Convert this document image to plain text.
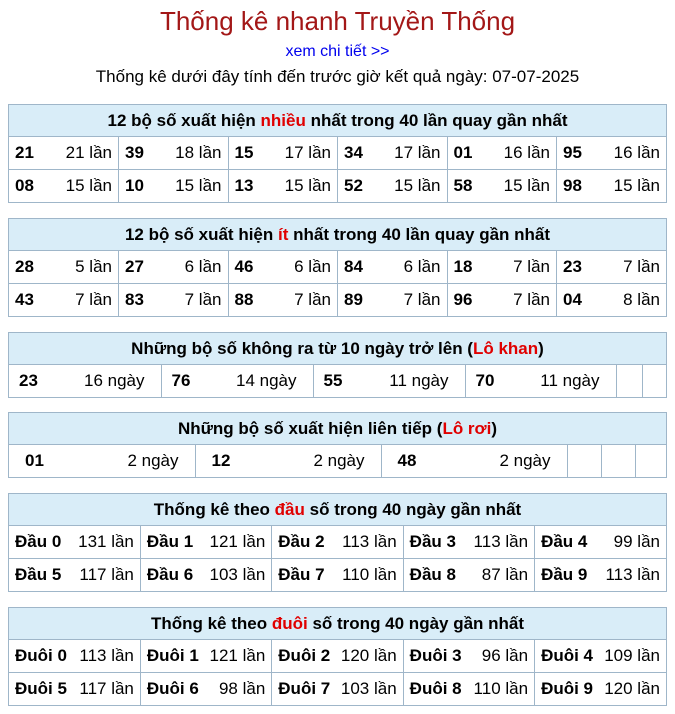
Thống kê nhanh Truyền Thống
xem chi tiết >>
Thống kê dưới đây tính đến trước giờ kết quả ngày: 07-07-2025
12 bộ số xuất hiện nhiều nhất trong 40 lần quay gần nhất
21 21 lần	39 18 lần	15 17 lần	34 17 lần	01 16 lần	95 16 lần

08 15 lần	10 15 lần	13 15 lần	52 15 lần	58 15 lần	98 15 lần
12 bộ số xuất hiện ít nhất trong 40 lần quay gần nhất
28 5 lần	27 6 lần	46 6 lần	84 6 lần	18 7 lần	23 7 lần

43 7 lần	83 7 lần	88 7 lần	89 7 lần	96 7 lần	04 8 lần
Những bộ số không ra từ 10 ngày trở lên (Lô khan)
23	16 ngày	76	14 ngày	55	11 ngày	70	11 ngày

Những bộ số xuất hiện liên tiếp (Lô rơi)
01	2 ngày	12	2 ngày	48	2 ngày

Thống kê theo đầu số trong 40 ngày gần nhất
Đầu 0 131 lần	Đầu 1 121 lần	Đầu 2 113 lần	Đầu 3 113 lần	Đầu 4 99 lần

Đầu 5 117 lần	Đầu 6 103 lần	Đầu 7 110 lần	Đầu 8 87 lần	Đầu 9 113 lần
Thống kê theo đuôi số trong 40 ngày gần nhất
Đuôi 0 113 lần	Đuôi 1 121 lần	Đuôi 2 120 lần	Đuôi 3 96 lần	Đuôi 4 109 lần

Đuôi 5 117 lần	Đuôi 6 98 lần	Đuôi 7 103 lần	Đuôi 8 110 lần	Đuôi 9 120 lần
